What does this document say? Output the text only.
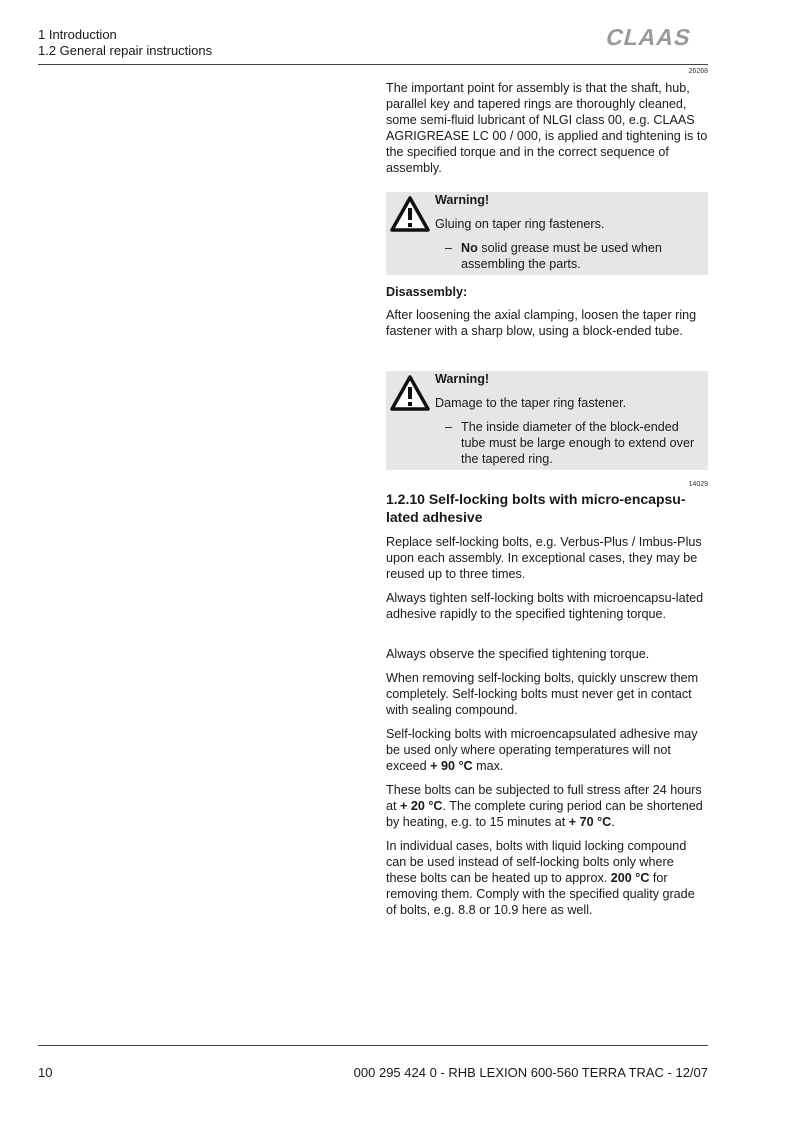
1 Introduction
1.2 General repair instructions
CLAAS
26268

The important point for assembly is that the shaft, hub, parallel key and tapered rings are thoroughly cleaned, some semi-fluid lubricant of NLGI class 00, e.g. CLAAS AGRIGREASE LC 00 / 000, is applied and tightening is to the specified torque and in the correct sequence of assembly.

Warning!
Gluing on taper ring fasteners.
– No solid grease must be used when assembling the parts.
Disassembly:

After loosening the axial clamping, loosen the taper ring fastener with a sharp blow, using a block-ended tube.

Warning!
Damage to the taper ring fastener.
– The inside diameter of the block-ended tube must be large enough to extend over the tapered ring.
14029
1.2.10 Self-locking bolts with micro-encapsu-lated adhesive

Replace self-locking bolts, e.g. Verbus-Plus / Imbus-Plus upon each assembly. In exceptional cases, they may be reused up to three times.

Always tighten self-locking bolts with microencapsu-lated adhesive rapidly to the specified tightening torque.

Always observe the specified tightening torque.

When removing self-locking bolts, quickly unscrew them completely. Self-locking bolts must never get in contact with sealing compound.

Self-locking bolts with microencapsulated adhesive may be used only where operating temperatures will not exceed + 90 °C max.

These bolts can be subjected to full stress after 24 hours at + 20 °C. The complete curing period can be shortened by heating, e.g. to 15 minutes at + 70 °C.

In individual cases, bolts with liquid locking compound can be used instead of self-locking bolts only where these bolts can be heated up to approx. 200 °C for removing them. Comply with the specified quality grade of bolts, e.g. 8.8 or 10.9 here as well.

10	000 295 424 0 - RHB LEXION 600-560 TERRA TRAC - 12/07
